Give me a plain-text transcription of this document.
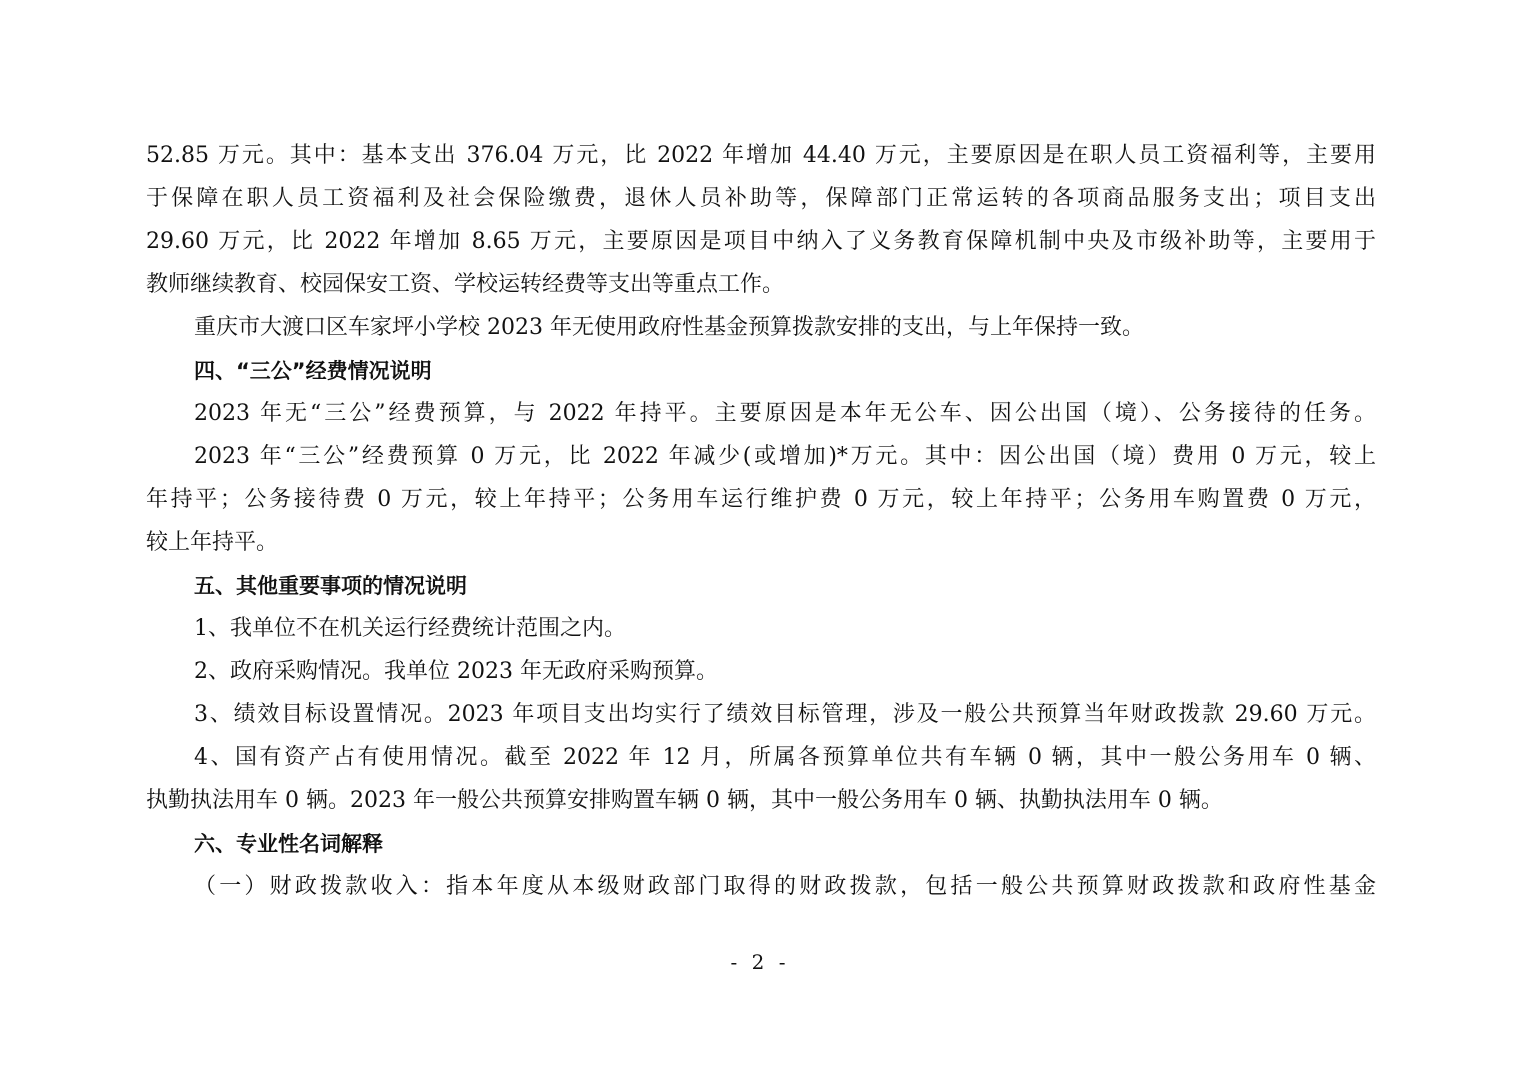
52.85 万元。其中：基本支出 376.04 万元，比 2022 年增加 44.40 万元，主要原因是在职人员工资福利等，主要用
于保障在职人员工资福利及社会保险缴费，退休人员补助等，保障部门正常运转的各项商品服务支出；项目支出
29.60 万元，比 2022 年增加 8.65 万元，主要原因是项目中纳入了义务教育保障机制中央及市级补助等，主要用于
教师继续教育、校园保安工资、学校运转经费等支出等重点工作。
重庆市大渡口区车家坪小学校 2023 年无使用政府性基金预算拨款安排的支出，与上年保持一致。
四、“三公”经费情况说明
2023 年无“三公”经费预算，与 2022 年持平。主要原因是本年无公车、因公出国（境）、公务接待的任务。
2023 年“三公”经费预算 0 万元，比 2022 年减少(或增加)*万元。其中：因公出国（境）费用 0 万元，较上
年持平；公务接待费 0 万元，较上年持平；公务用车运行维护费 0 万元，较上年持平；公务用车购置费 0 万元，
较上年持平。
五、其他重要事项的情况说明
1、我单位不在机关运行经费统计范围之内。
2、政府采购情况。我单位 2023 年无政府采购预算。
3、绩效目标设置情况。2023 年项目支出均实行了绩效目标管理，涉及一般公共预算当年财政拨款 29.60 万元。
4、国有资产占有使用情况。截至 2022 年 12 月，所属各预算单位共有车辆 0 辆，其中一般公务用车 0 辆、
执勤执法用车 0 辆。2023 年一般公共预算安排购置车辆 0 辆，其中一般公务用车 0 辆、执勤执法用车 0 辆。
六、专业性名词解释
（一）财政拨款收入：指本年度从本级财政部门取得的财政拨款，包括一般公共预算财政拨款和政府性基金
- 2 -
